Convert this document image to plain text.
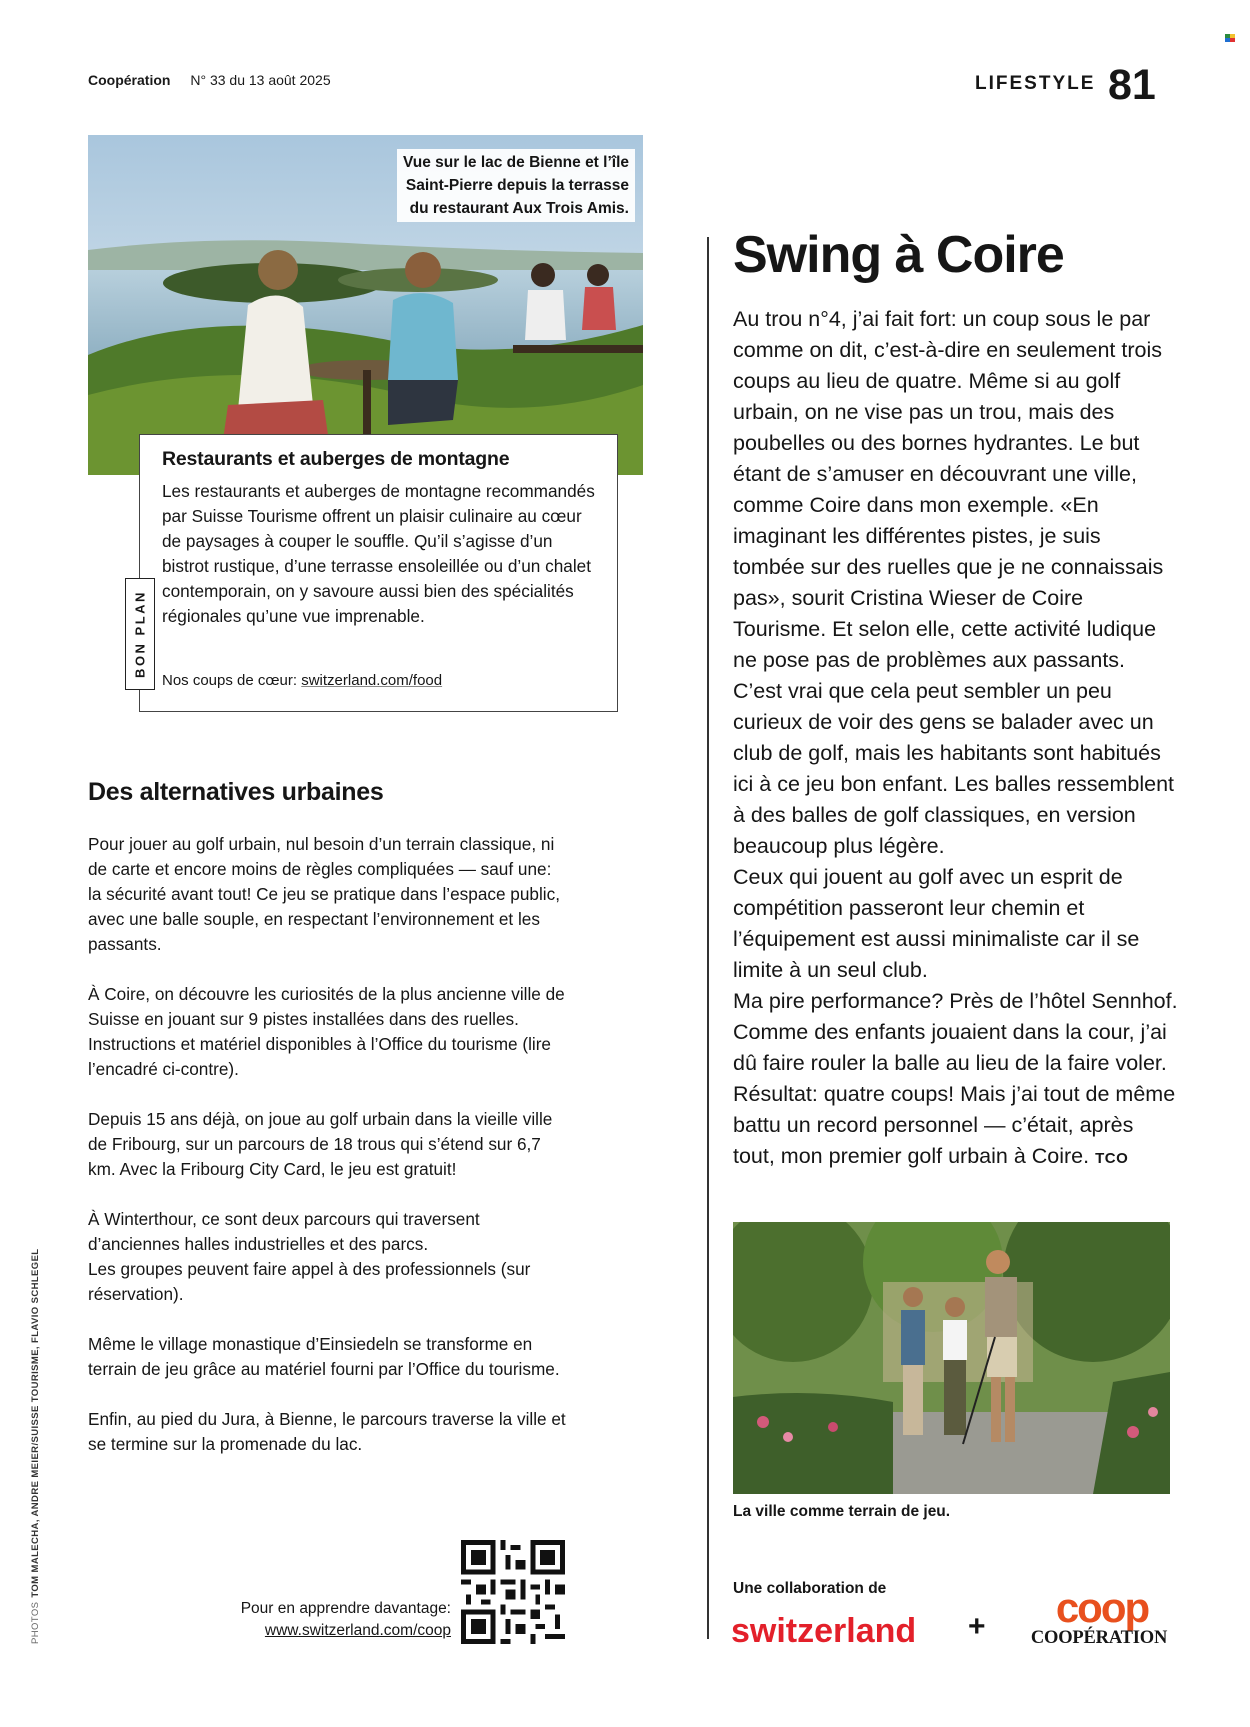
Coopération N° 33 du 13 août 2025	LIFESTYLE 81
Vue sur le lac de Bienne et l’île
Saint-Pierre depuis la terrasse
du restaurant Aux Trois Amis.
Restaurants et auberges de montagne
Les restaurants et auberges de montagne recommandés par Suisse Tourisme offrent un plaisir culinaire au cœur de paysages à couper le souffle. Qu’il s’agisse d’un bistrot rustique, d’une terrasse ensoleillée ou d’un chalet contemporain, on y savoure aussi bien des spécialités régionales qu’une vue imprenable.
Nos coups de cœur: switzerland.com/food
BON PLAN
Des alternatives urbaines

Pour jouer au golf urbain, nul besoin d’un terrain classique, ni de carte et encore moins de règles compliquées — sauf une: la sécurité avant tout! Ce jeu se pratique dans l’espace public, avec une balle souple, en respectant l’environnement et les passants.

À Coire, on découvre les curiosités de la plus ancienne ville de Suisse en jouant sur 9 pistes installées dans des ruelles. Instructions et matériel disponibles à l’Office du tourisme (lire l’encadré ci-contre).

Depuis 15 ans déjà, on joue au golf urbain dans la vieille ville de Fribourg, sur un parcours de 18 trous qui s’étend sur 6,7 km. Avec la Fribourg City Card, le jeu est gratuit!

À Winterthour, ce sont deux parcours qui traversent d’anciennes halles industrielles et des parcs.
Les groupes peuvent faire appel à des professionnels (sur réservation).

Même le village monastique d’Einsiedeln se transforme en terrain de jeu grâce au matériel fourni par l’Office du tourisme.

Enfin, au pied du Jura, à Bienne, le parcours traverse la ville et se termine sur la promenade du lac.

PHOTOSTOM MALECHA, ANDRE MEIER/SUISSE TOURISME, FLAVIO SCHLEGEL
Pour en apprendre davantage:
www.switzerland.com/coop
Swing à Coire
Au trou n°4, j’ai fait fort: un coup sous le par comme on dit, c’est-à-dire en seulement trois coups au lieu de quatre. Même si au golf urbain, on ne vise pas un trou, mais des poubelles ou des bornes hydrantes. Le but étant de s’amuser en découvrant une ville, comme Coire dans mon exemple. «En imaginant les différentes pistes, je suis tombée sur des ruelles que je ne connaissais pas», sourit Cristina Wieser de Coire Tourisme. Et selon elle, cette activité ludique ne pose pas de problèmes aux passants.
C’est vrai que cela peut sembler un peu curieux de voir des gens se balader avec un club de golf, mais les habitants sont habitués ici à ce jeu bon enfant. Les balles ressemblent à des balles de golf classiques, en version beaucoup plus légère.
Ceux qui jouent au golf avec un esprit de compétition passeront leur chemin et l’équipement est aussi minimaliste car il se limite à un seul club.
Ma pire performance? Près de l’hôtel Sennhof. Comme des enfants jouaient dans la cour, j’ai dû faire rouler la balle au lieu de la faire voler. Résultat: quatre coups! Mais j’ai tout de même battu un record personnel — c’était, après tout, mon premier golf urbain à Coire. TCO
La ville comme terrain de jeu.
Une collaboration de
switzerland + coop
COOPÉRATION
